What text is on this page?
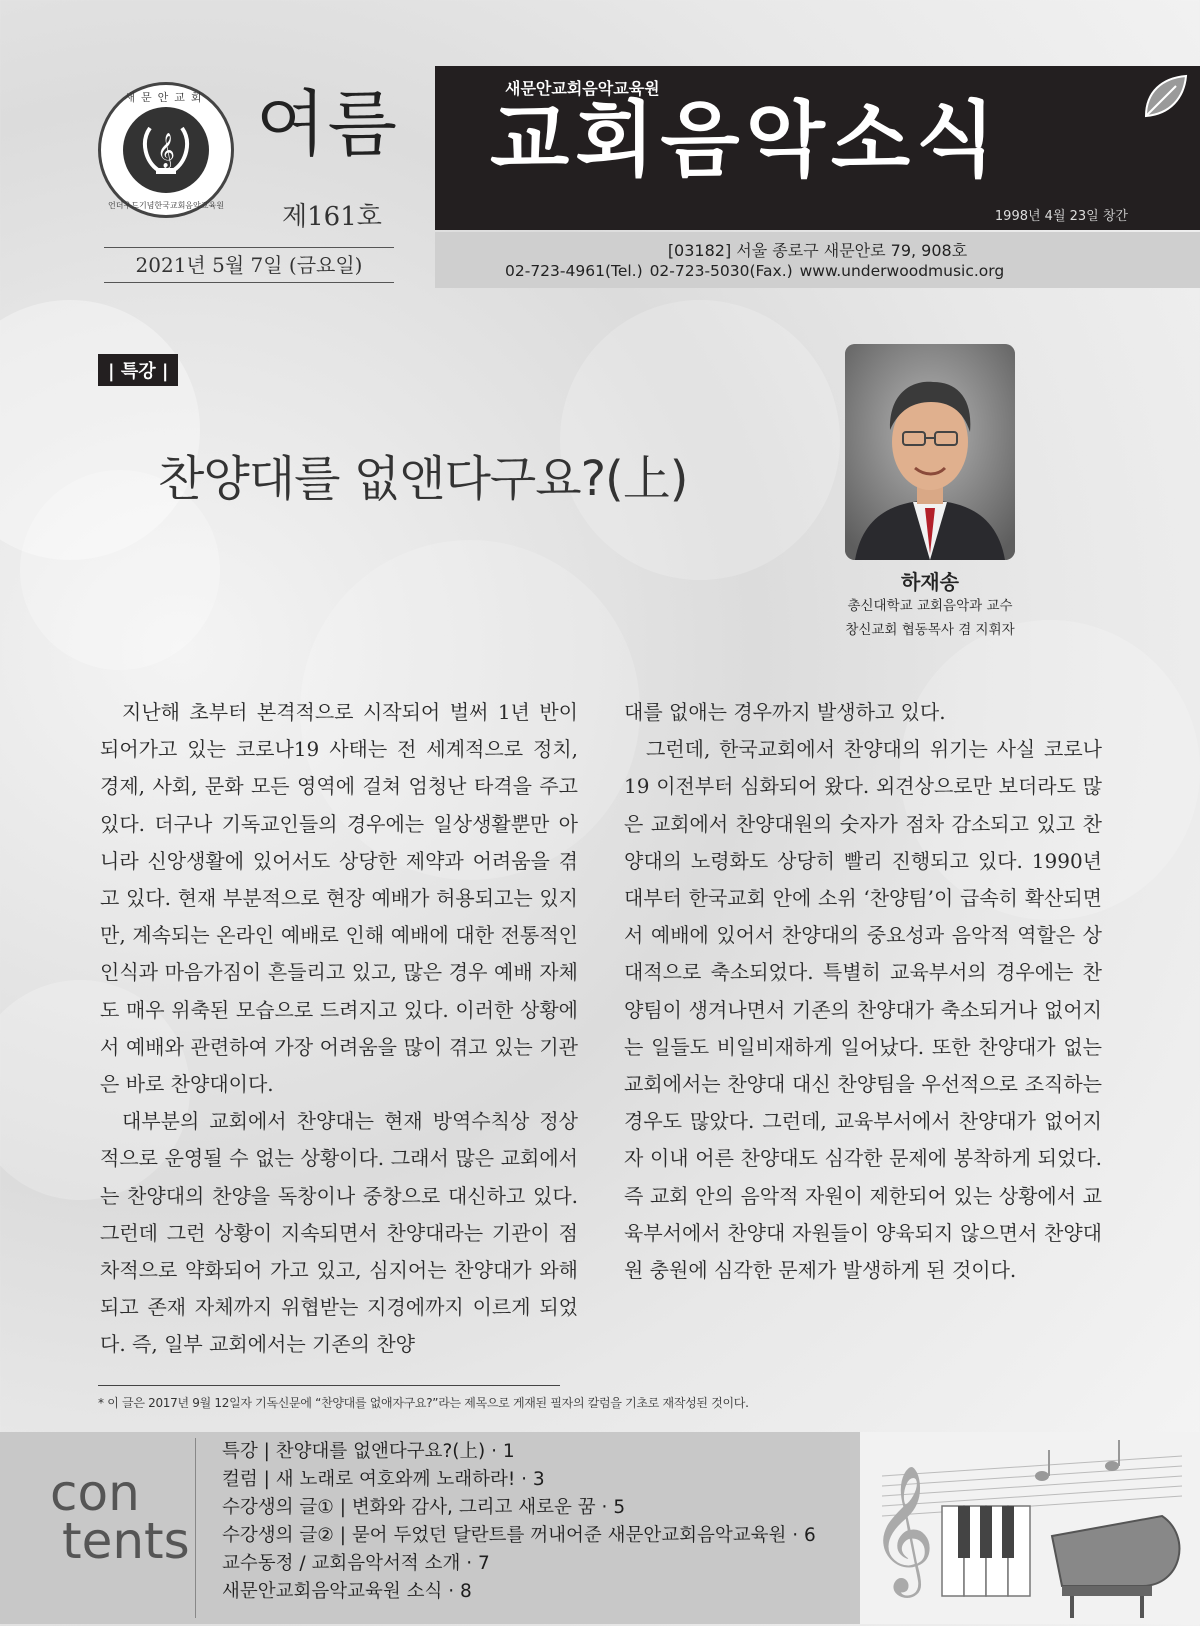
새문안교회
𝄞
언더우드기념한국교회음악교육원
여름
제161호
2021년 5월 7일 (금요일)
새문안교회음악교육원
교회음악소식
1998년 4월 23일 창간
[03182] 서울 종로구 새문안로 79, 908호
02-723-4961(Tel.) 02-723-5030(Fax.) www.underwoodmusic.org
| 특강 |
찬양대를 없앤다구요?(上)
하재송
총신대학교 교회음악과 교수
창신교회 협동목사 겸 지휘자

지난해 초부터 본격적으로 시작되어 벌써 1년 반이 되어가고 있는 코로나19 사태는 전 세계적으로 정치, 경제, 사회, 문화 모든 영역에 걸쳐 엄청난 타격을 주고 있다. 더구나 기독교인들의 경우에는 일상생활뿐만 아니라 신앙생활에 있어서도 상당한 제약과 어려움을 겪고 있다. 현재 부분적으로 현장 예배가 허용되고는 있지만, 계속되는 온라인 예배로 인해 예배에 대한 전통적인 인식과 마음가짐이 흔들리고 있고, 많은 경우 예배 자체도 매우 위축된 모습으로 드려지고 있다. 이러한 상황에서 예배와 관련하여 가장 어려움을 많이 겪고 있는 기관은 바로 찬양대이다.

대부분의 교회에서 찬양대는 현재 방역수칙상 정상적으로 운영될 수 없는 상황이다. 그래서 많은 교회에서는 찬양대의 찬양을 독창이나 중창으로 대신하고 있다. 그런데 그런 상황이 지속되면서 찬양대라는 기관이 점차적으로 약화되어 가고 있고, 심지어는 찬양대가 와해되고 존재 자체까지 위협받는 지경에까지 이르게 되었다. 즉, 일부 교회에서는 기존의 찬양

대를 없애는 경우까지 발생하고 있다.

그런데, 한국교회에서 찬양대의 위기는 사실 코로나19 이전부터 심화되어 왔다. 외견상으로만 보더라도 많은 교회에서 찬양대원의 숫자가 점차 감소되고 있고 찬양대의 노령화도 상당히 빨리 진행되고 있다. 1990년대부터 한국교회 안에 소위 ‘찬양팀’이 급속히 확산되면서 예배에 있어서 찬양대의 중요성과 음악적 역할은 상대적으로 축소되었다. 특별히 교육부서의 경우에는 찬양팀이 생겨나면서 기존의 찬양대가 축소되거나 없어지는 일들도 비일비재하게 일어났다. 또한 찬양대가 없는 교회에서는 찬양대 대신 찬양팀을 우선적으로 조직하는 경우도 많았다. 그런데, 교육부서에서 찬양대가 없어지자 이내 어른 찬양대도 심각한 문제에 봉착하게 되었다. 즉 교회 안의 음악적 자원이 제한되어 있는 상황에서 교육부서에서 찬양대 자원들이 양육되지 않으면서 찬양대원 충원에 심각한 문제가 발생하게 된 것이다.

* 이 글은 2017년 9월 12일자 기독신문에 “찬양대를 없애자구요?”라는 제목으로 게재된 필자의 칼럼을 기초로 재작성된 것이다.
con
tents
특강 | 찬양대를 없앤다구요?(上) · 1
컬럼 | 새 노래로 여호와께 노래하라! · 3
수강생의 글① | 변화와 감사, 그리고 새로운 꿈 · 5
수강생의 글② | 묻어 두었던 달란트를 꺼내어준 새문안교회음악교육원 · 6
교수동정 / 교회음악서적 소개 · 7
새문안교회음악교육원 소식 · 8	𝄞
